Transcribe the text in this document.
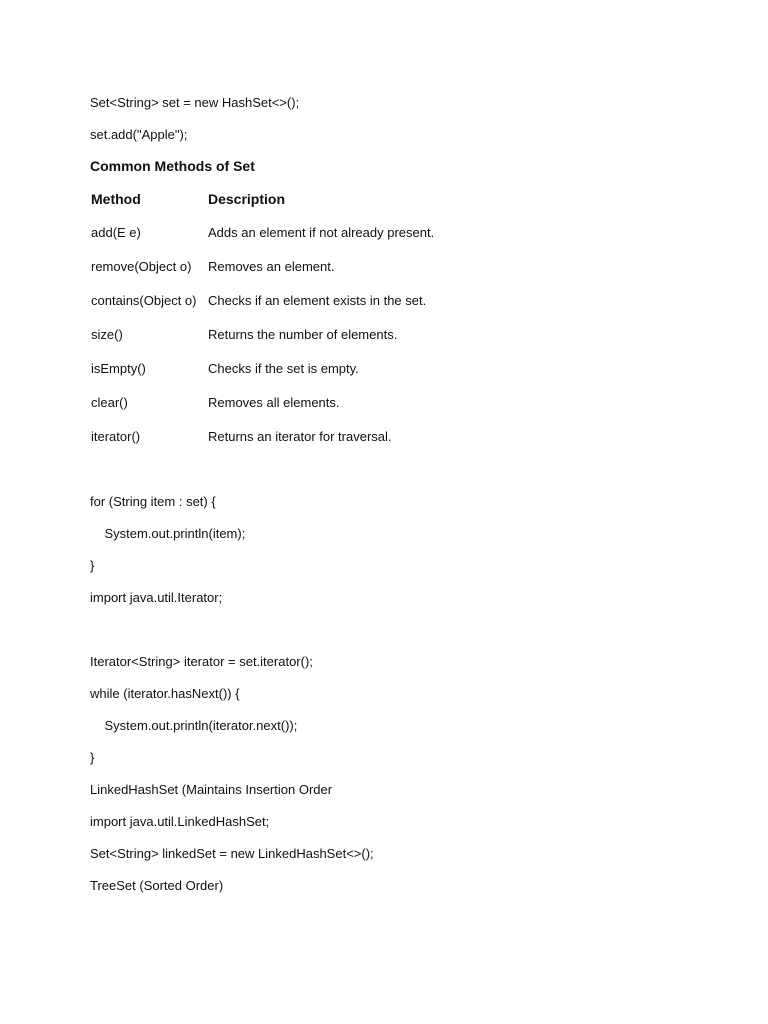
Set<String> set = new HashSet<>();
set.add("Apple");
Common Methods of Set
Method	Description
add(E e)	Adds an element if not already present.
remove(Object o)	Removes an element.
contains(Object o)	Checks if an element exists in the set.
size()	Returns the number of elements.
isEmpty()	Checks if the set is empty.
clear()	Removes all elements.
iterator()	Returns an iterator for traversal.
for (String item : set) {
System.out.println(item);
}
import java.util.Iterator;
Iterator<String> iterator = set.iterator();
while (iterator.hasNext()) {
System.out.println(iterator.next());
}
LinkedHashSet (Maintains Insertion Order
import java.util.LinkedHashSet;
Set<String> linkedSet = new LinkedHashSet<>();
TreeSet (Sorted Order)
